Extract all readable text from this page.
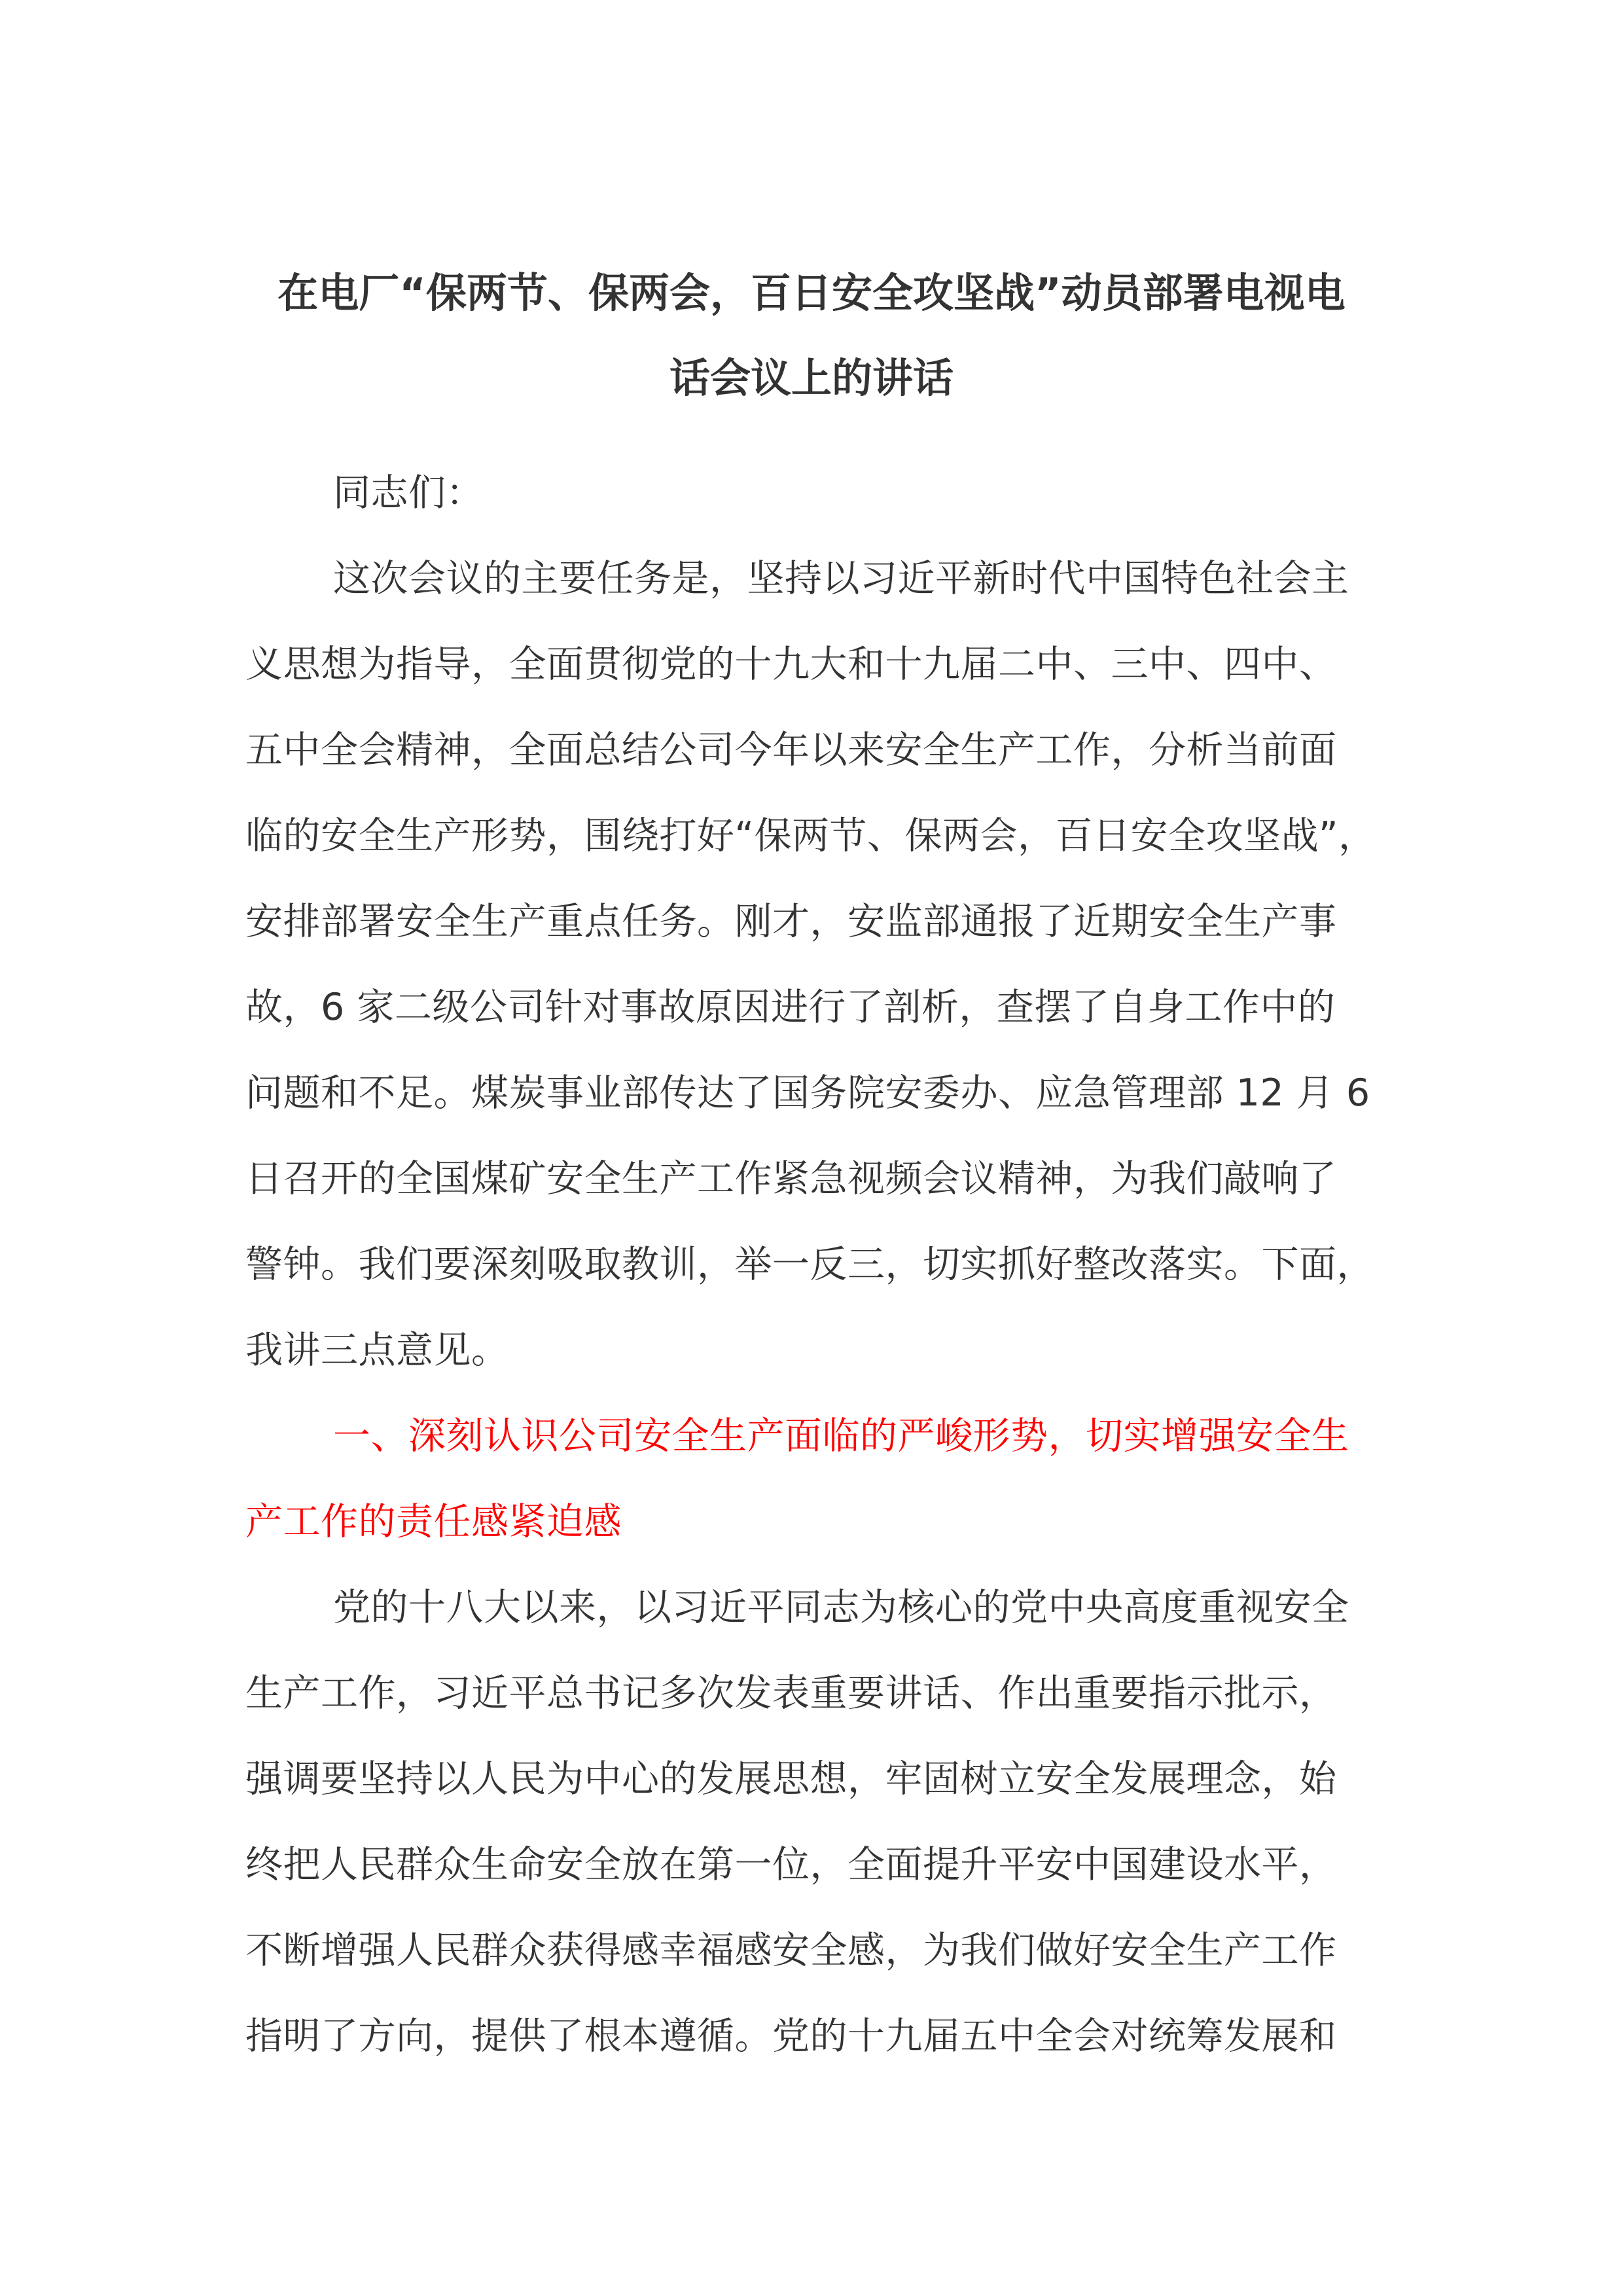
在电厂“保两节、保两会，百日安全攻坚战”动员部署电视电
话会议上的讲话
同志们：
这次会议的主要任务是，坚持以习近平新时代中国特色社会主
义思想为指导，全面贯彻党的十九大和十九届二中、三中、四中、
五中全会精神，全面总结公司今年以来安全生产工作，分析当前面
临的安全生产形势，围绕打好“保两节、保两会，百日安全攻坚战”，
安排部署安全生产重点任务。刚才，安监部通报了近期安全生产事
故，6 家二级公司针对事故原因进行了剖析，查摆了自身工作中的
问题和不足。煤炭事业部传达了国务院安委办、应急管理部 12 月 6
日召开的全国煤矿安全生产工作紧急视频会议精神，为我们敲响了
警钟。我们要深刻吸取教训，举一反三，切实抓好整改落实。下面，
我讲三点意见。
一、深刻认识公司安全生产面临的严峻形势，切实增强安全生
产工作的责任感紧迫感
党的十八大以来，以习近平同志为核心的党中央高度重视安全
生产工作，习近平总书记多次发表重要讲话、作出重要指示批示，
强调要坚持以人民为中心的发展思想，牢固树立安全发展理念，始
终把人民群众生命安全放在第一位，全面提升平安中国建设水平，
不断增强人民群众获得感幸福感安全感，为我们做好安全生产工作
指明了方向，提供了根本遵循。党的十九届五中全会对统筹发展和
